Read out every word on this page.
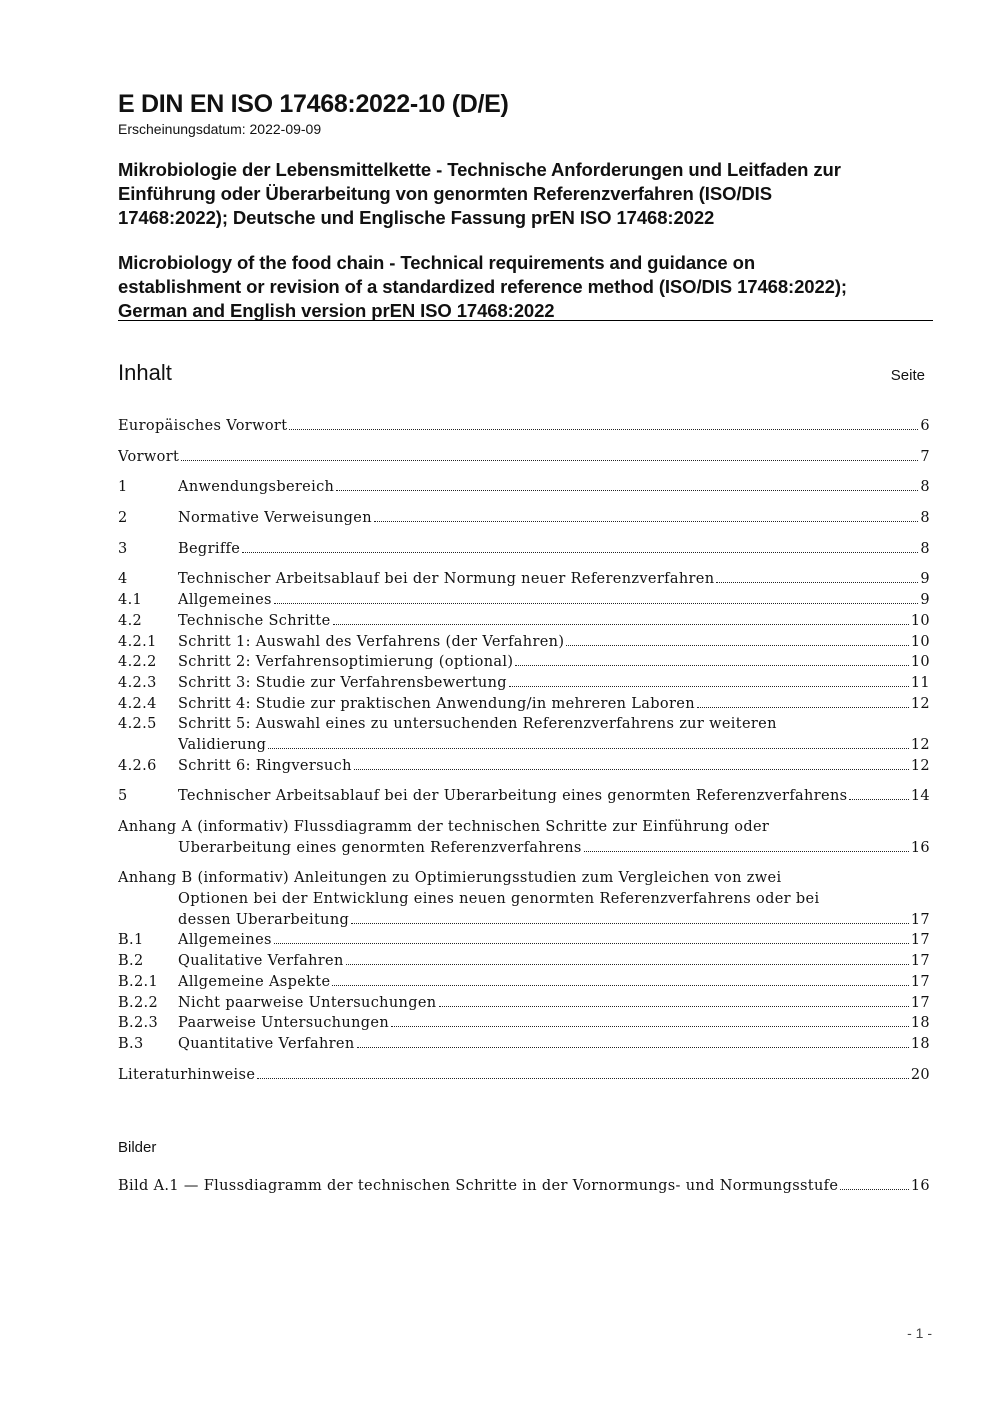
E DIN EN ISO 17468:2022-10 (D/E)
Erscheinungsdatum: 2022-09-09
Mikrobiologie der Lebensmittelkette - Technische Anforderungen und Leitfaden zur
Einführung oder Überarbeitung von genormten Referenzverfahren (ISO/DIS
17468:2022); Deutsche und Englische Fassung prEN ISO 17468:2022
Microbiology of the food chain - Technical requirements and guidance on
establishment or revision of a standardized reference method (ISO/DIS 17468:2022);
German and English version prEN ISO 17468:2022
Inhalt	Seite
Europäisches Vorwort	6
Vorwort	7
1	Anwendungsbereich	8
2	Normative Verweisungen	8
3	Begriffe	8
4	Technischer Arbeitsablauf bei der Normung neuer Referenzverfahren	9
4.1	Allgemeines	9
4.2	Technische Schritte	10
4.2.1	Schritt 1: Auswahl des Verfahrens (der Verfahren)	10
4.2.2	Schritt 2: Verfahrensoptimierung (optional)	10
4.2.3	Schritt 3: Studie zur Verfahrensbewertung	11
4.2.4	Schritt 4: Studie zur praktischen Anwendung/in mehreren Laboren	12
4.2.5	Schritt 5: Auswahl eines zu untersuchenden Referenzverfahrens zur weiteren
Validierung	12
4.2.6	Schritt 6: Ringversuch	12
5	Technischer Arbeitsablauf bei der Überarbeitung eines genormten Referenzverfahrens	14
Anhang A (informativ) Flussdiagramm der technischen Schritte zur Einführung oder
Überarbeitung eines genormten Referenzverfahrens	16
Anhang B (informativ) Anleitungen zu Optimierungsstudien zum Vergleichen von zwei
Optionen bei der Entwicklung eines neuen genormten Referenzverfahrens oder bei
dessen Überarbeitung	17
B.1	Allgemeines	17
B.2	Qualitative Verfahren	17
B.2.1	Allgemeine Aspekte	17
B.2.2	Nicht paarweise Untersuchungen	17
B.2.3	Paarweise Untersuchungen	18
B.3	Quantitative Verfahren	18
Literaturhinweise	20
Bilder
Bild A.1 — Flussdiagramm der technischen Schritte in der Vornormungs- und Normungsstufe	16
- 1 -
